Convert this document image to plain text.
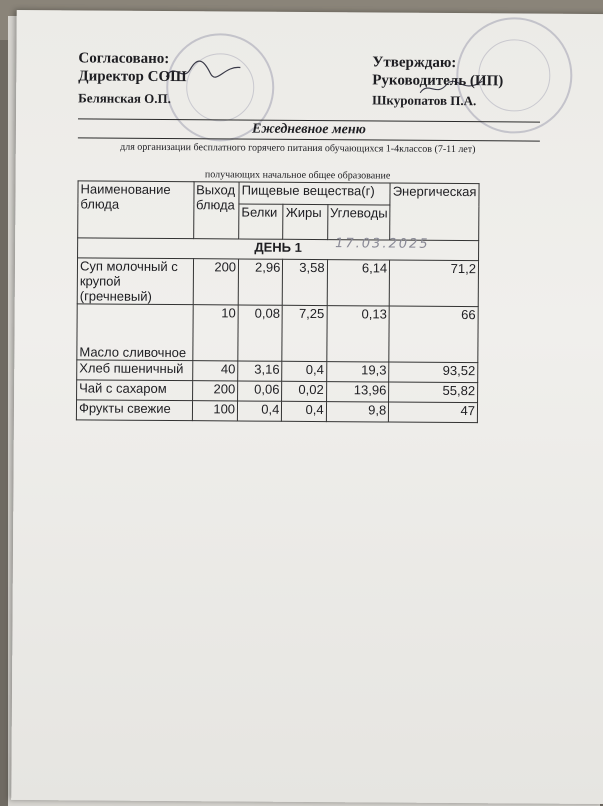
Согласовано:
Директор СОШ
Белянская О.П.
Утверждаю:
Руководитель (ИП)
Шкуропатов П.А.
Ежедневное меню
для организации бесплатного горячего питания обучающихся 1-4классов (7-11 лет)
получающих начальное общее образование
Наименование блюда	Выход блюда	Пищевые вещества(г)			Энергическая
		Белки	Жиры	Углеводы	
ДЕНЬ 1					
Суп молочный с крупой (гречневый)	200	2,96	3,58	6,14	71,2
Масло сливочное	10	0,08	7,25	0,13	66
Хлеб пшеничный	40	3,16	0,4	19,3	93,52
Чай с сахаром	200	0,06	0,02	13,96	55,82
Фрукты свежие	100	0,4	0,4	9,8	47
17.03.2025
